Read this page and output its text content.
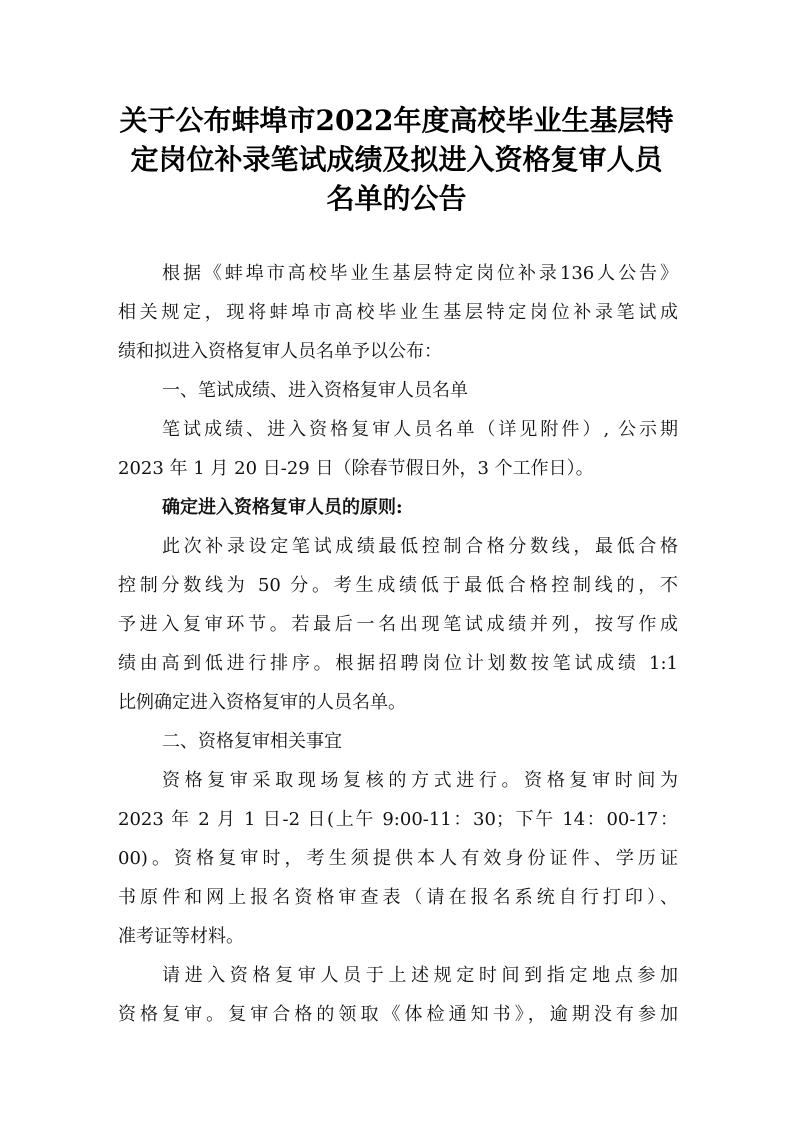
关于公布蚌埠市2022年度高校毕业生基层特
定岗位补录笔试成绩及拟进入资格复审人员
名单的公告
根据《蚌埠市高校毕业生基层特定岗位补录136人公告》
相关规定，现将蚌埠市高校毕业生基层特定岗位补录笔试成
绩和拟进入资格复审人员名单予以公布：
一、笔试成绩、进入资格复审人员名单
笔试成绩、进入资格复审人员名单（详见附件）, 公示期
2023 年 1 月 20 日-29 日（除春节假日外，3 个工作日）。
确定进入资格复审人员的原则:
此次补录设定笔试成绩最低控制合格分数线，最低合格
控制分数线为 50 分。考生成绩低于最低合格控制线的，不
予进入复审环节。若最后一名出现笔试成绩并列，按写作成
绩由高到低进行排序。根据招聘岗位计划数按笔试成绩 1:1
比例确定进入资格复审的人员名单。
二、资格复审相关事宜
资格复审采取现场复核的方式进行。资格复审时间为
2023 年 2 月 1 日-2 日(上午 9:00-11：30；下午 14：00-17：
00)。资格复审时，考生须提供本人有效身份证件、学历证
书原件和网上报名资格审查表（请在报名系统自行打印）、
准考证等材料。
请进入资格复审人员于上述规定时间到指定地点参加
资格复审。复审合格的领取《体检通知书》，逾期没有参加
